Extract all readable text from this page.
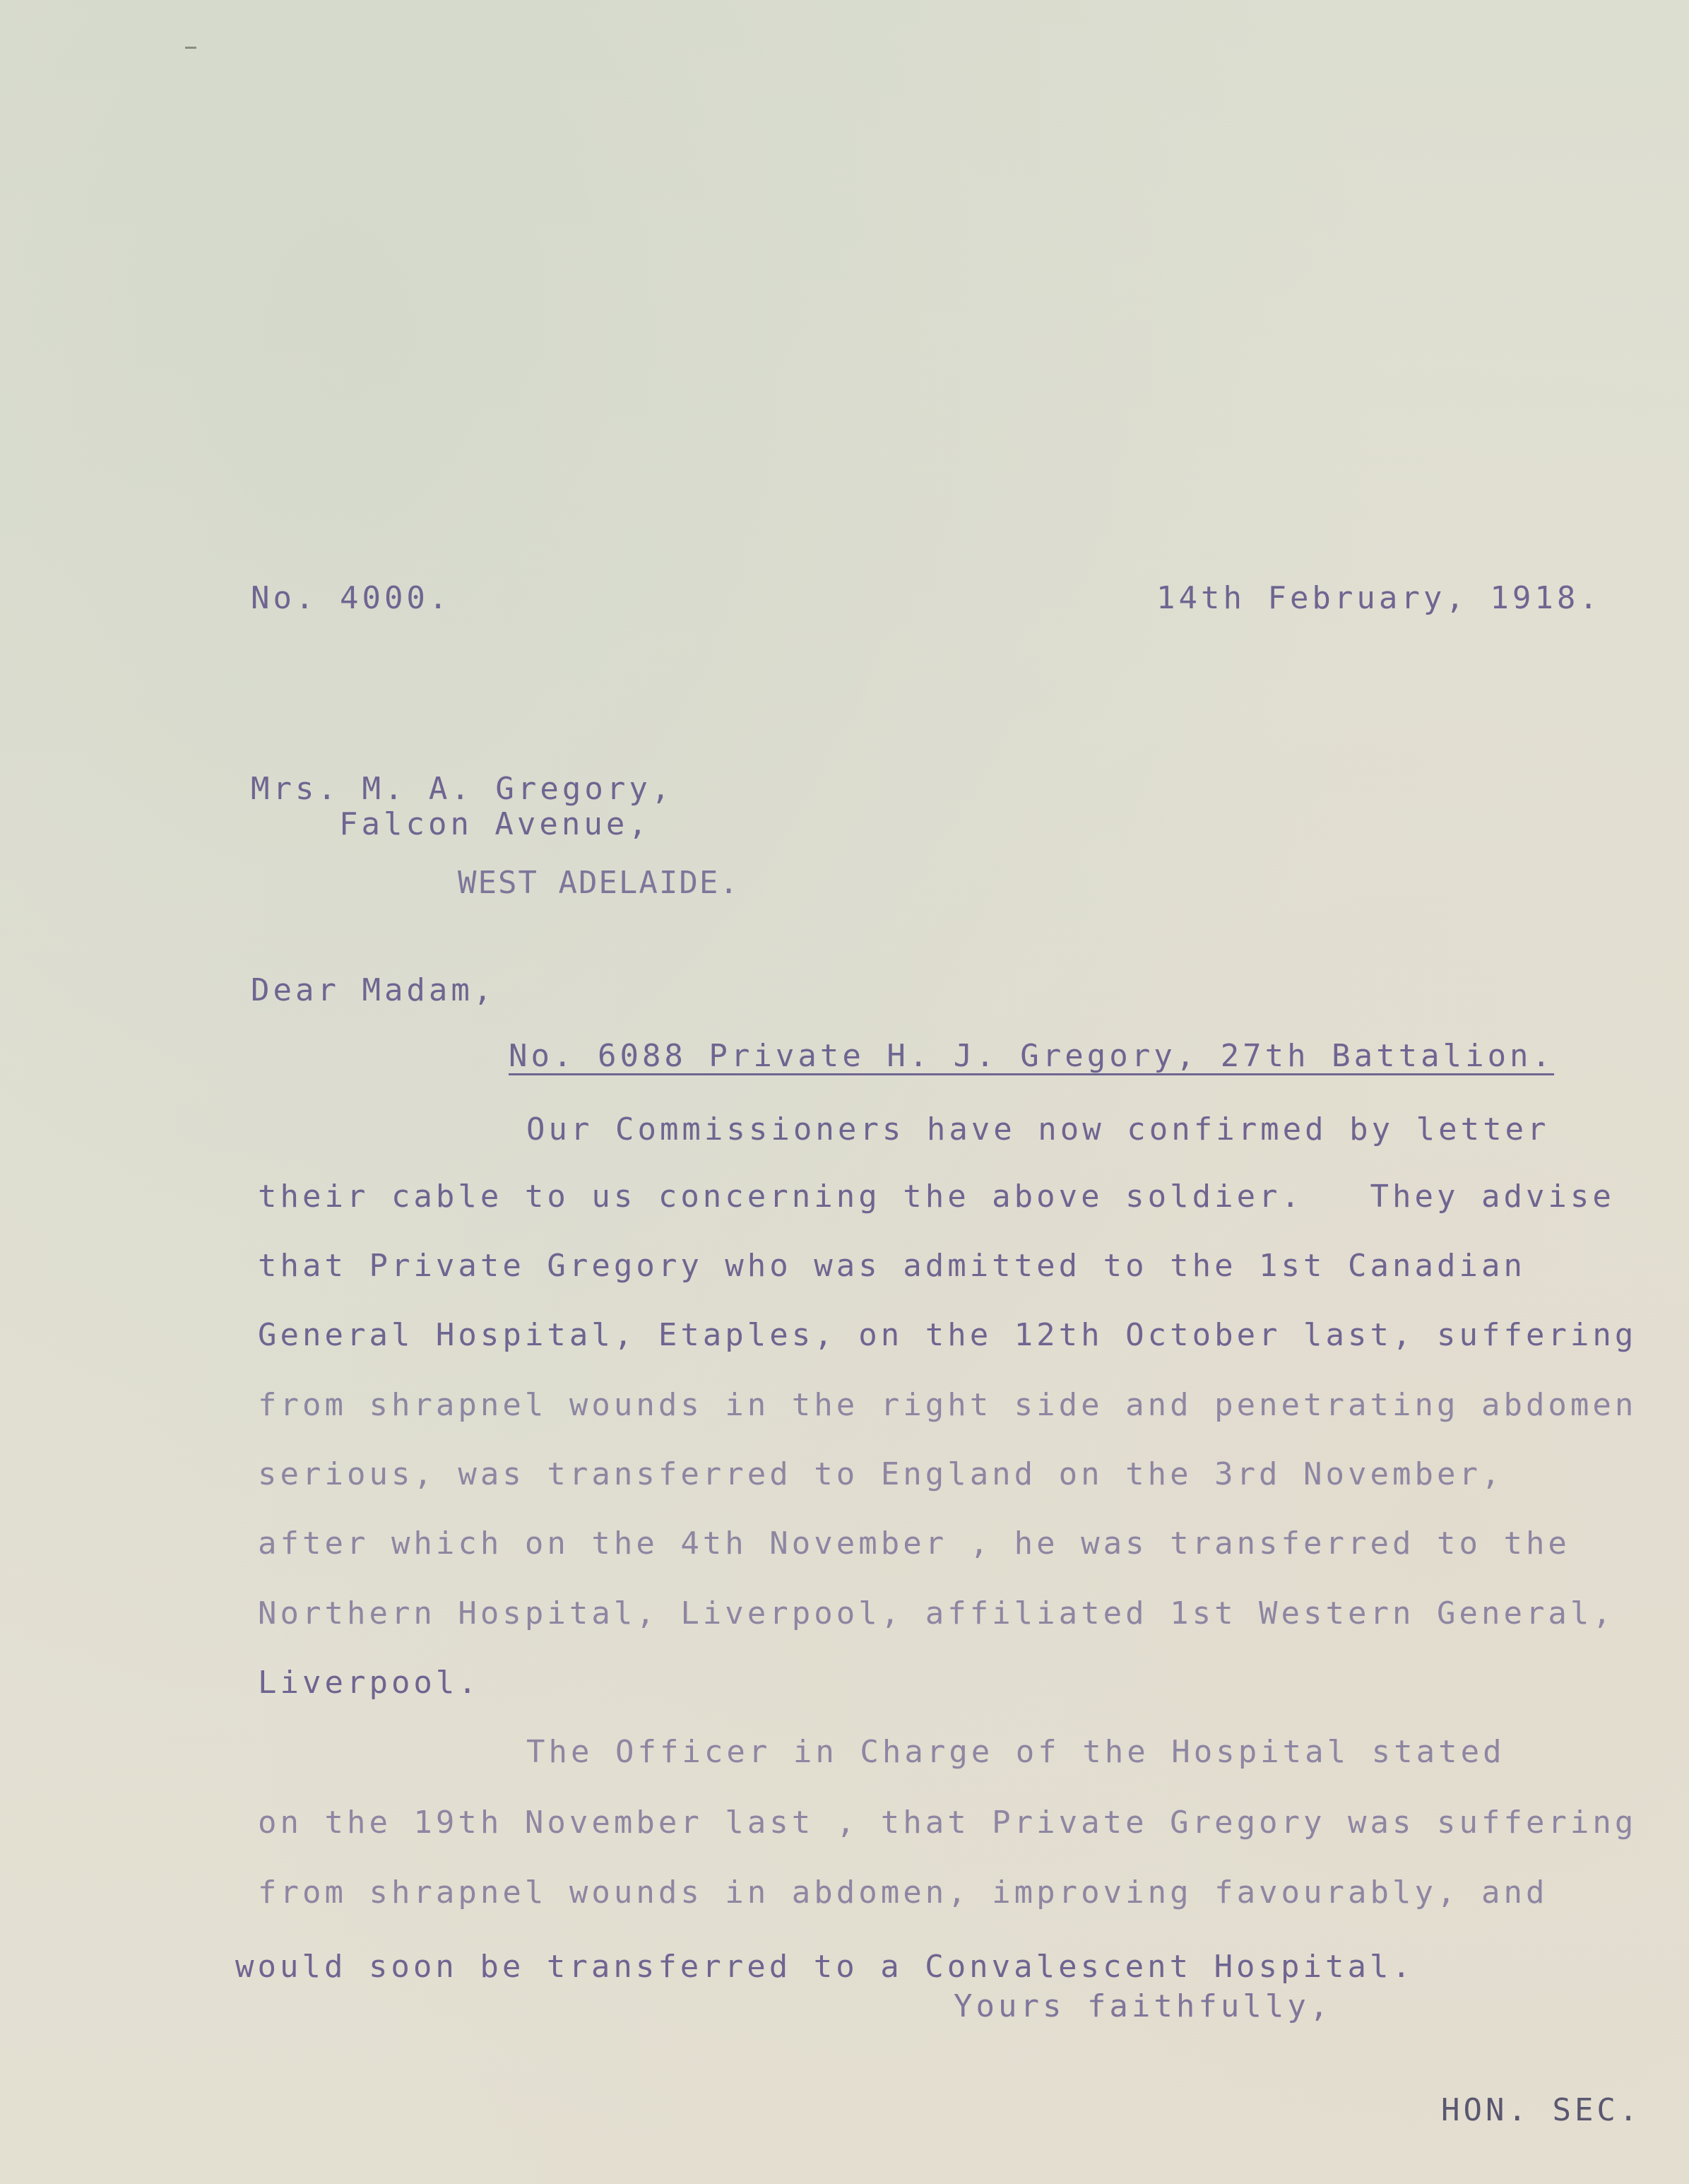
No. 4000.	14th February, 1918.
Mrs. M. A. Gregory,
Falcon Avenue,
WEST ADELAIDE.
Dear Madam,
No. 6088 Private H. J. Gregory, 27th Battalion.
Our Commissioners have now confirmed by letter
their cable to us concerning the above soldier.   They advise
that Private Gregory who was admitted to the 1st Canadian
General Hospital, Etaples, on the 12th October last, suffering
from shrapnel wounds in the right side and penetrating abdomen
serious, was transferred to England on the 3rd November,
after which on the 4th November , he was transferred to the
Northern Hospital, Liverpool, affiliated 1st Western General,
Liverpool.
The Officer in Charge of the Hospital stated
on the 19th November last , that Private Gregory was suffering
from shrapnel wounds in abdomen, improving favourably, and
would soon be transferred to a Convalescent Hospital.
Yours faithfully,
HON. SEC.
